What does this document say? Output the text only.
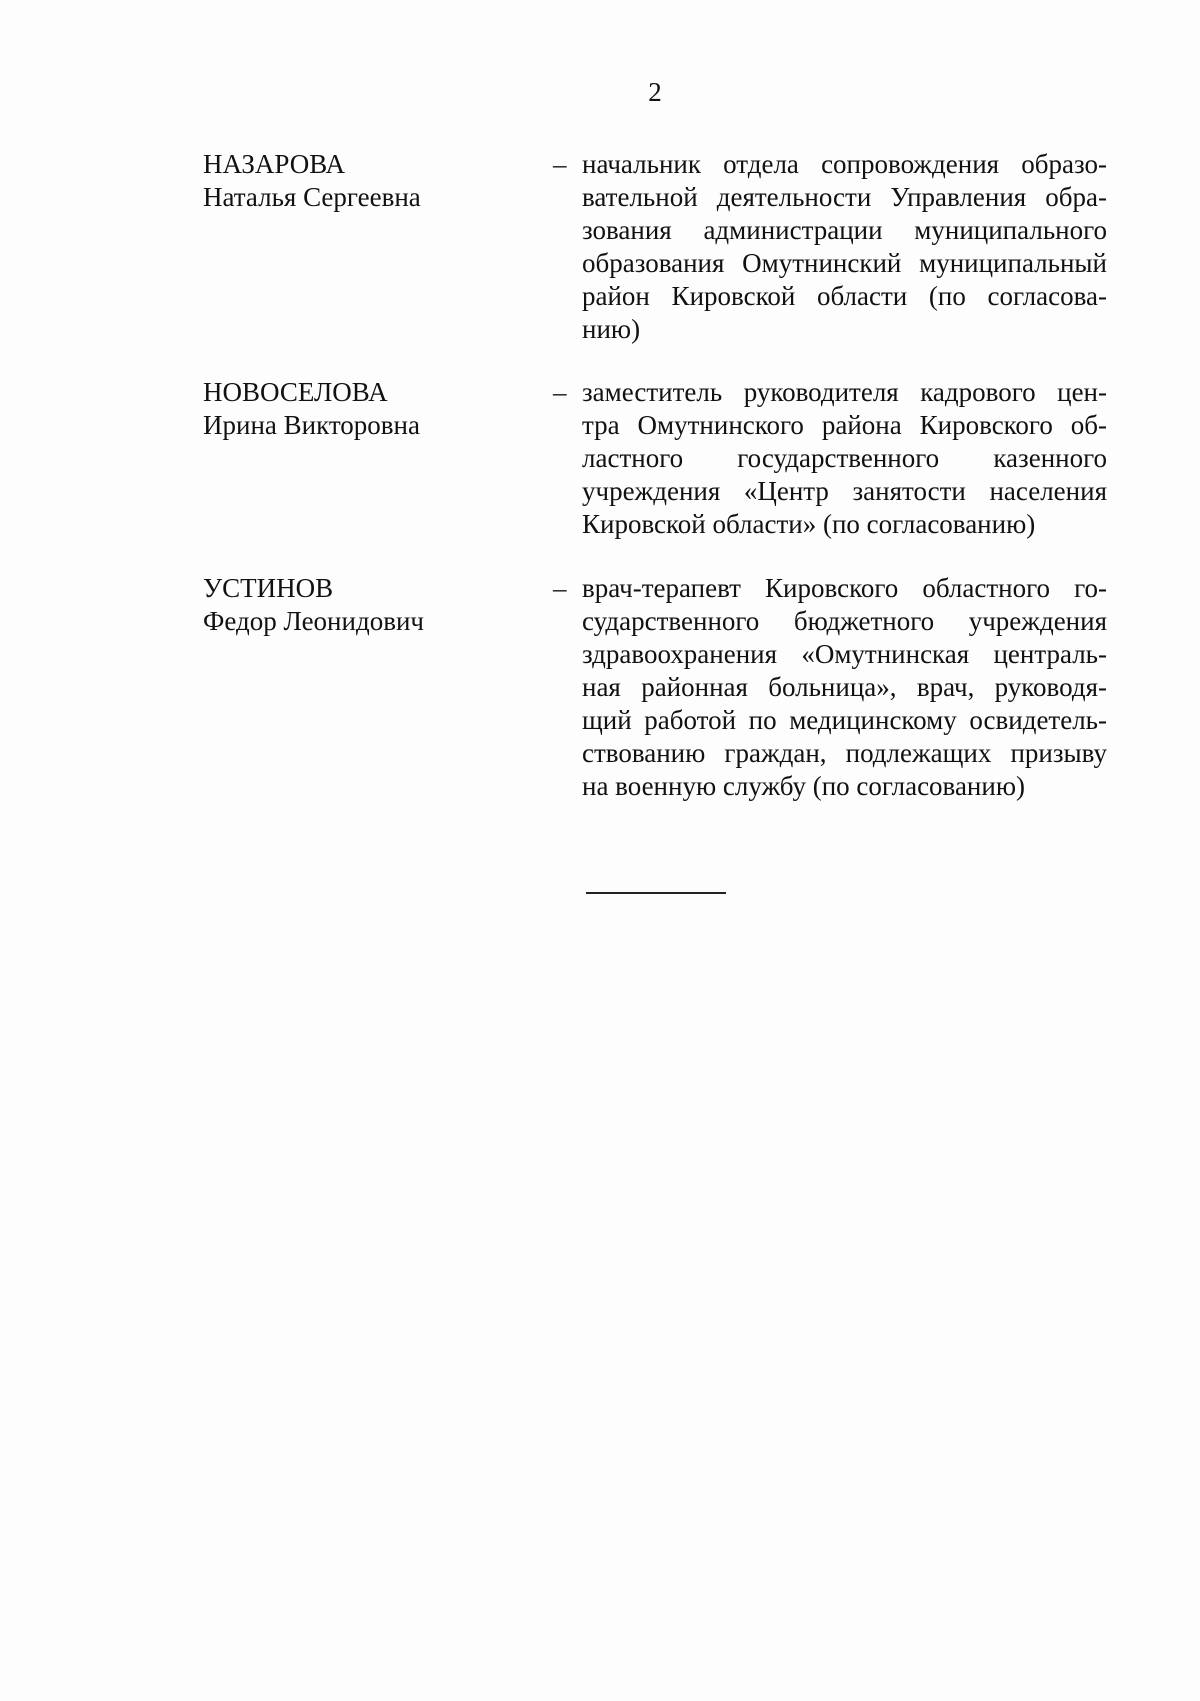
2
НАЗАРОВА
Наталья Сергеевна
– начальник отдела сопровождения образо-
вательной деятельности Управления обра-
зования администрации муниципального
образования Омутнинский муниципальный
район Кировской области (по согласова-
нию)
НОВОСЕЛОВА
Ирина Викторовна
– заместитель руководителя кадрового цен-
тра Омутнинского района Кировского об-
ластного государственного казенного
учреждения «Центр занятости населения
Кировской области» (по согласованию)
УСТИНОВ
Федор Леонидович
– врач-терапевт Кировского областного го-
сударственного бюджетного учреждения
здравоохранения «Омутнинская централь-
ная районная больница», врач, руководя-
щий работой по медицинскому освидетель-
ствованию граждан, подлежащих призыву
на военную службу (по согласованию)
